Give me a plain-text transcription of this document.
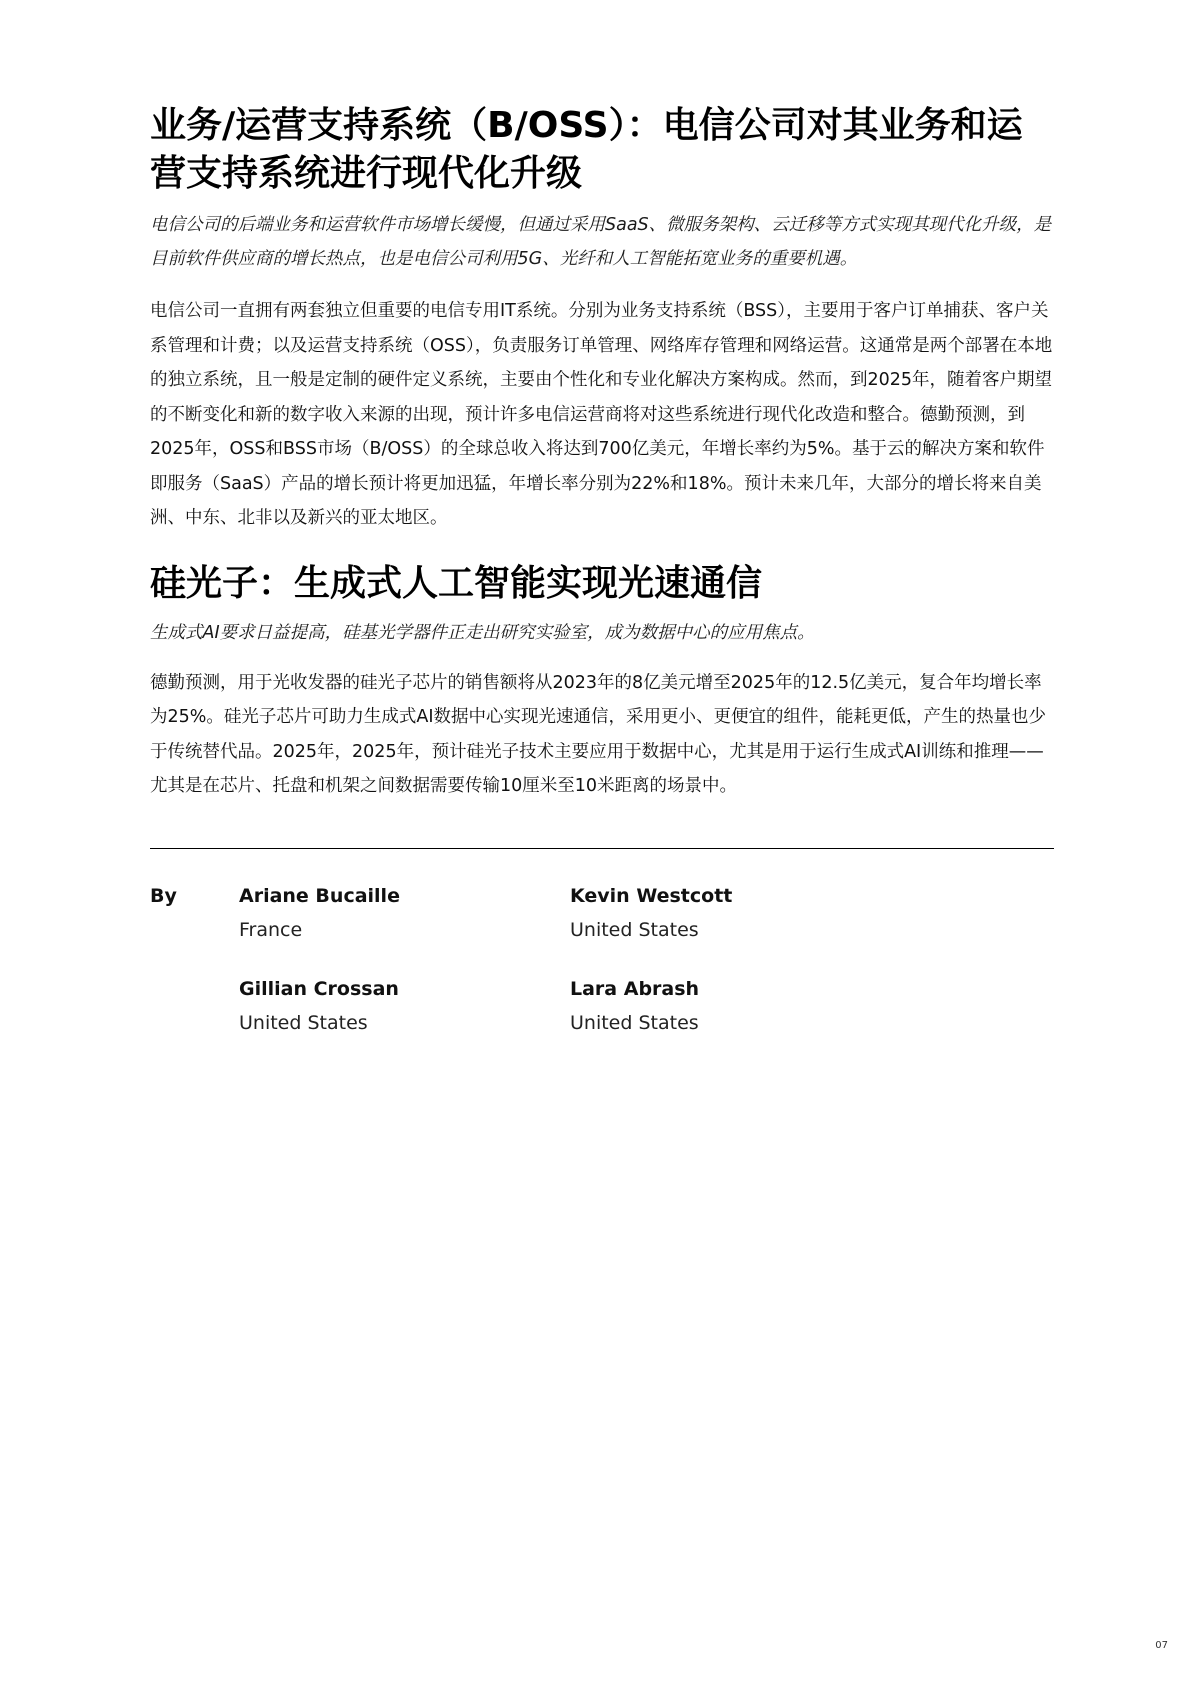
业务/运营支持系统（B/OSS）：电信公司对其业务和运营支持系统进行现代化升级

电信公司的后端业务和运营软件市场增长缓慢，但通过采用SaaS、微服务架构、云迁移等方式实现其现代化升级，是目前软件供应商的增长热点，也是电信公司利用5G、光纤和人工智能拓宽业务的重要机遇。

电信公司一直拥有两套独立但重要的电信专用IT系统。分别为业务支持系统（BSS），主要用于客户订单捕获、客户关系管理和计费；以及运营支持系统（OSS），负责服务订单管理、网络库存管理和网络运营。这通常是两个部署在本地的独立系统，且一般是定制的硬件定义系统，主要由个性化和专业化解决方案构成。然而，到2025年，随着客户期望的不断变化和新的数字收入来源的出现，预计许多电信运营商将对这些系统进行现代化改造和整合。德勤预测，到2025年，OSS和BSS市场（B/OSS）的全球总收入将达到700亿美元，年增长率约为5%。基于云的解决方案和软件即服务（SaaS）产品的增长预计将更加迅猛，年增长率分别为22%和18%。预计未来几年，大部分的增长将来自美洲、中东、北非以及新兴的亚太地区。

硅光子：生成式人工智能实现光速通信

生成式AI要求日益提高，硅基光学器件正走出研究实验室，成为数据中心的应用焦点。

德勤预测，用于光收发器的硅光子芯片的销售额将从2023年的8亿美元增至2025年的12.5亿美元，复合年均增长率为25%。硅光子芯片可助力生成式AI数据中心实现光速通信，采用更小、更便宜的组件，能耗更低，产生的热量也少于传统替代品。2025年，2025年，预计硅光子技术主要应用于数据中心，尤其是用于运行生成式AI训练和推理——尤其是在芯片、托盘和机架之间数据需要传输10厘米至10米距离的场景中。

By	Ariane Bucaille
France
Kevin Westcott
United States
Gillian Crossan
United States
Lara Abrash
United States
07
